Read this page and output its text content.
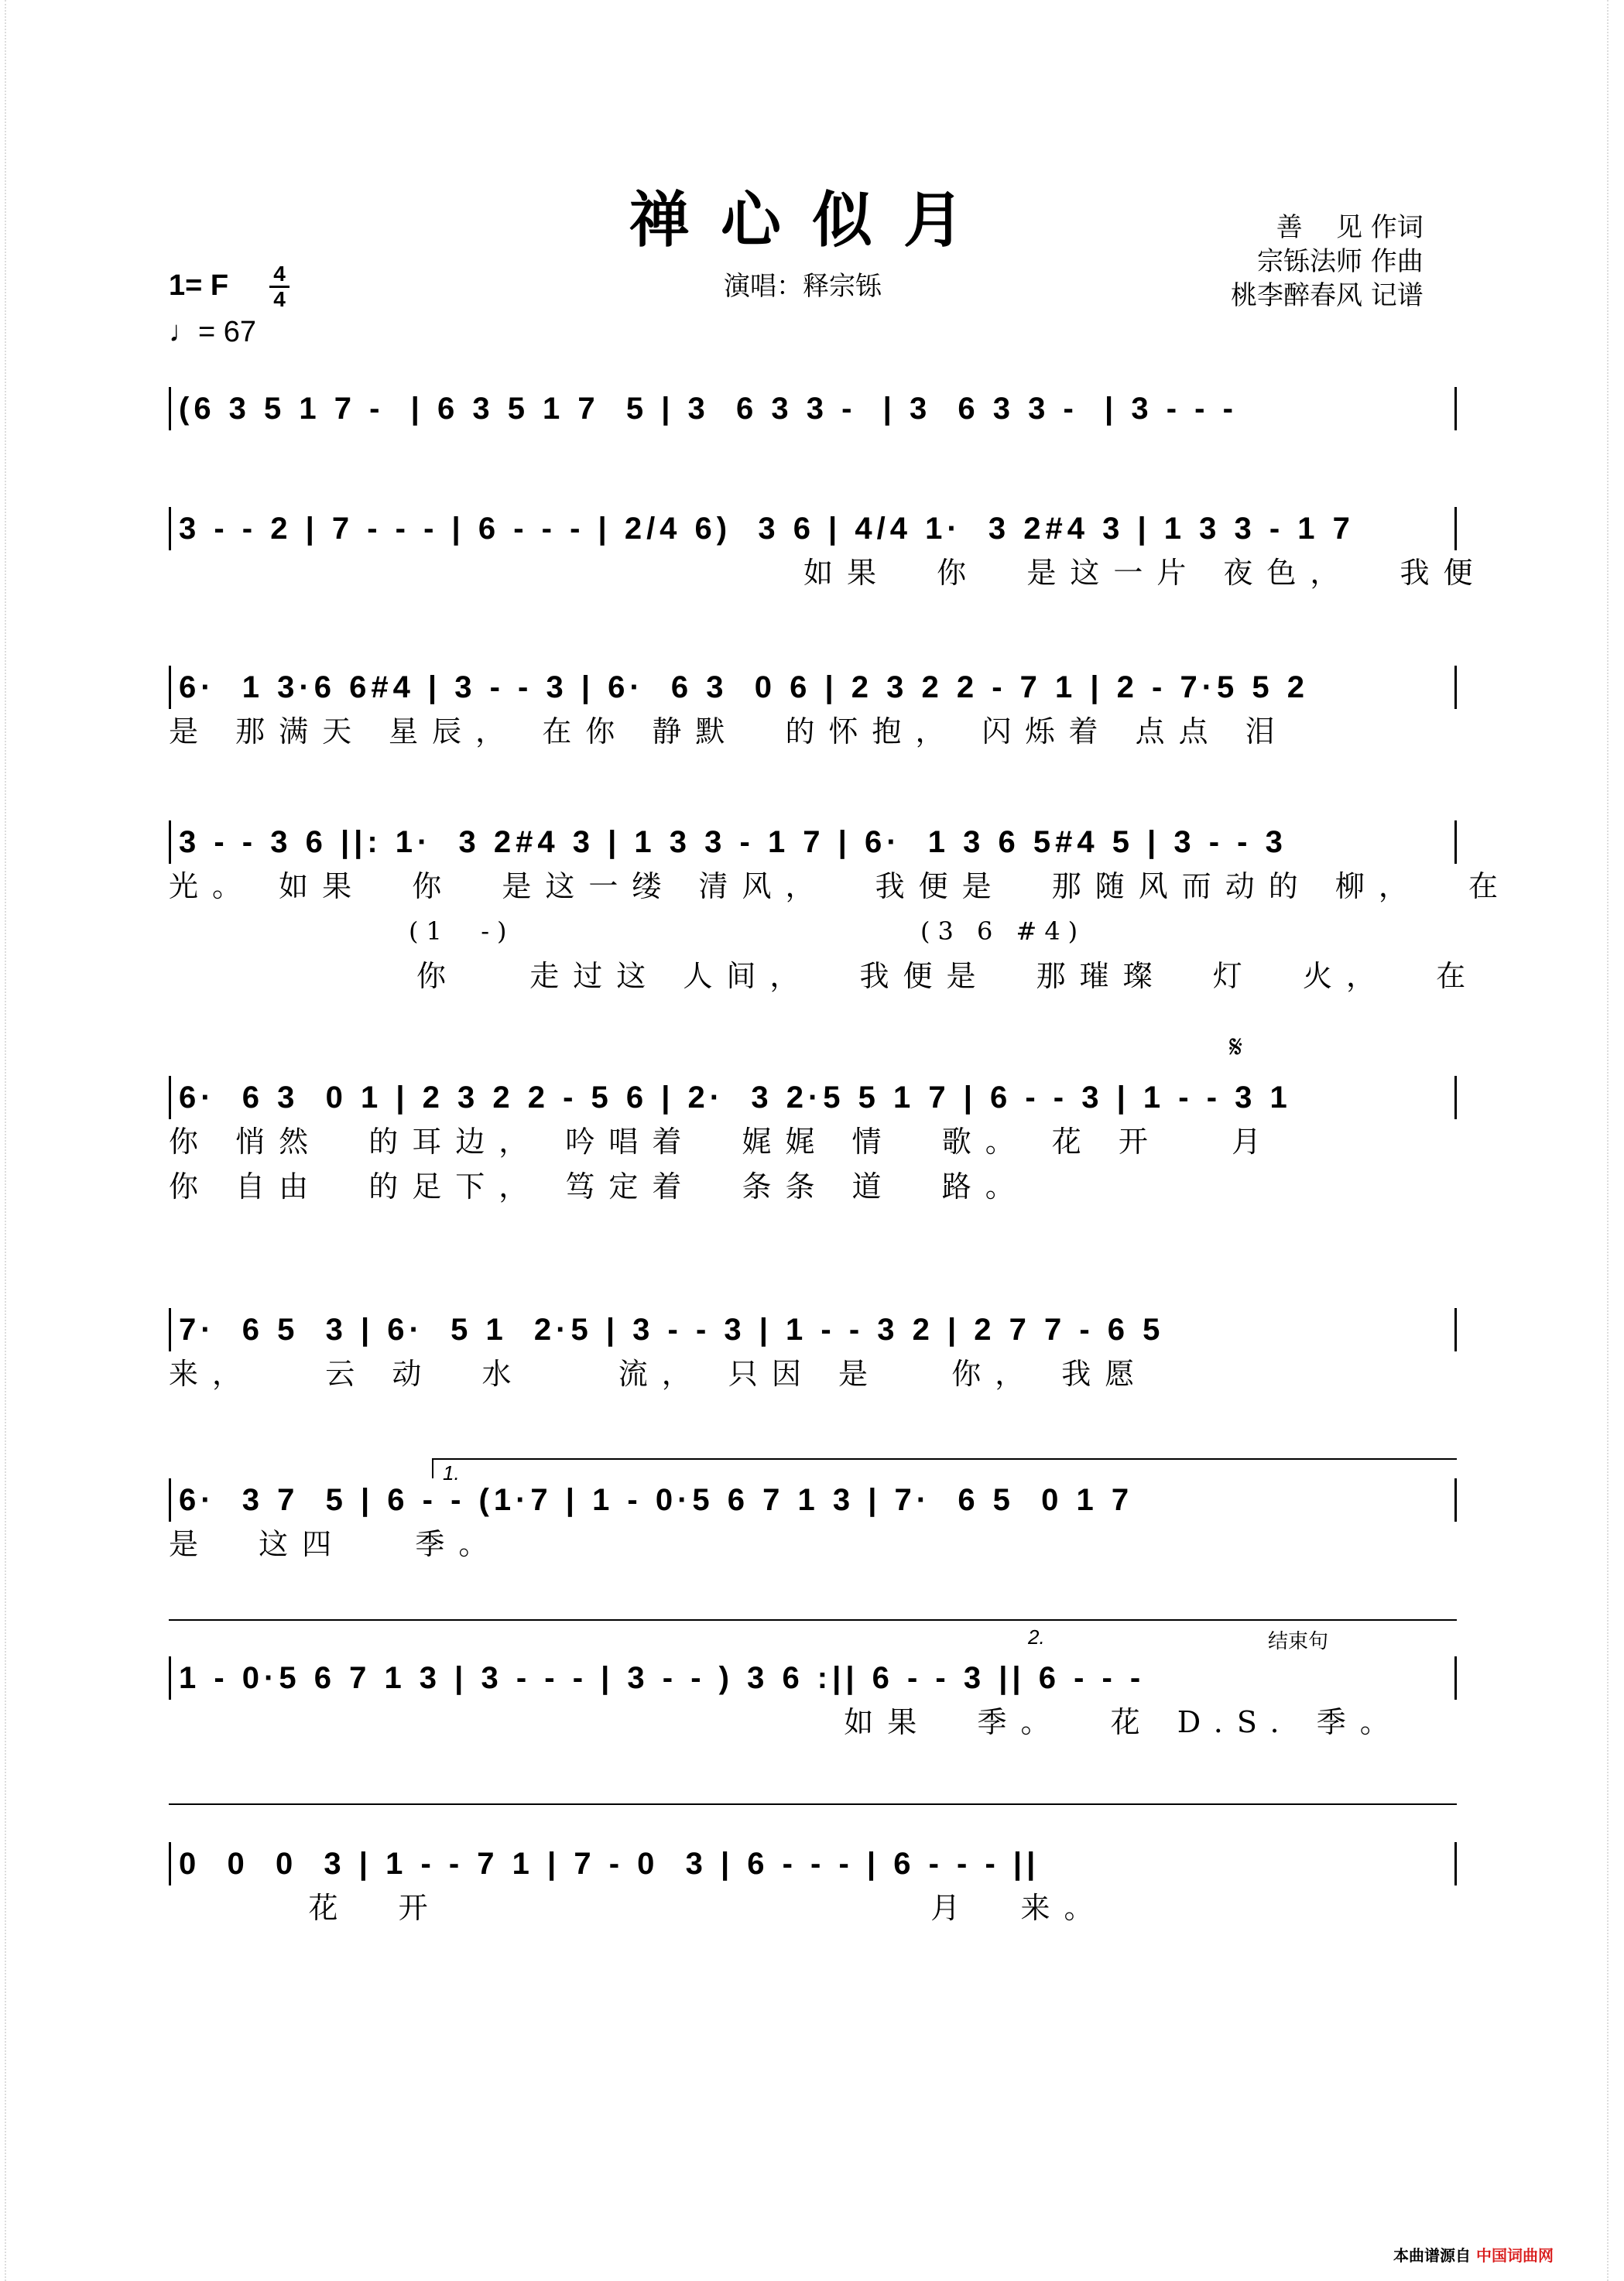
禅心似月
演唱：释宗铄
善    见 作词
宗铄法师 作曲
桃李醉春风 记谱
1= F 4
4
♩= 67
(6 3 5 1 7 -  | 6 3 5 1 7  5 | 3  6 3 3 -  | 3  6 3 3 -  | 3 - - -
3 - - 2 | 7 - - - | 6 - - - | 2/4 6)  3 6 | 4/4 1·  3 2#4 3 | 1 3 3 - 1 7
如果  你  是这一片 夜色，  我便
6·  1 3·6 6#4 | 3 - - 3 | 6·  6 3  0 6 | 2 3 2 2 - 7 1 | 2 - 7·5 5 2
是 那满天 星辰， 在你 静默  的怀抱， 闪烁着 点点 泪
3 - - 3 6 ||: 1·  3 2#4 3 | 1 3 3 - 1 7 | 6·  1 3 6 5#4 5 | 3 - - 3
光。 如果  你  是这一缕 清风，  我便是  那随风而动的 柳，  在
(1  -)                          (3 6 #4)
你   走过这 人间，  我便是  那璀璨  灯  火，  在
𝄋
6·  6 3  0 1 | 2 3 2 2 - 5 6 | 2·  3 2·5 5 1 7 | 6 - - 3 | 1 - - 3 1
你 悄然  的耳边， 吟唱着  娓娓 情  歌。 花 开   月
你 自由  的足下， 笃定着  条条 道  路。
7·  6 5  3 | 6·  5 1  2·5 | 3 - - 3 | 1 - - 3 2 | 2 7 7 - 6 5
来，   云 动  水    流， 只因 是   你， 我愿
1.
6·  3 7  5 | 6 - - (1·7 | 1 - 0·5 6 7 1 3 | 7·  6 5  0 1 7
是  这四   季。
2.	结束句
1 - 0·5 6 7 1 3 | 3 - - - | 3 - - ) 3 6 :|| 6 - - 3 || 6 - - -
如果  季。  花 D.S. 季。
0  0  0  3 | 1 - - 7 1 | 7 - 0  3 | 6 - - - | 6 - - - ||
花  开                     月  来。
本曲谱源自 中国词曲网
